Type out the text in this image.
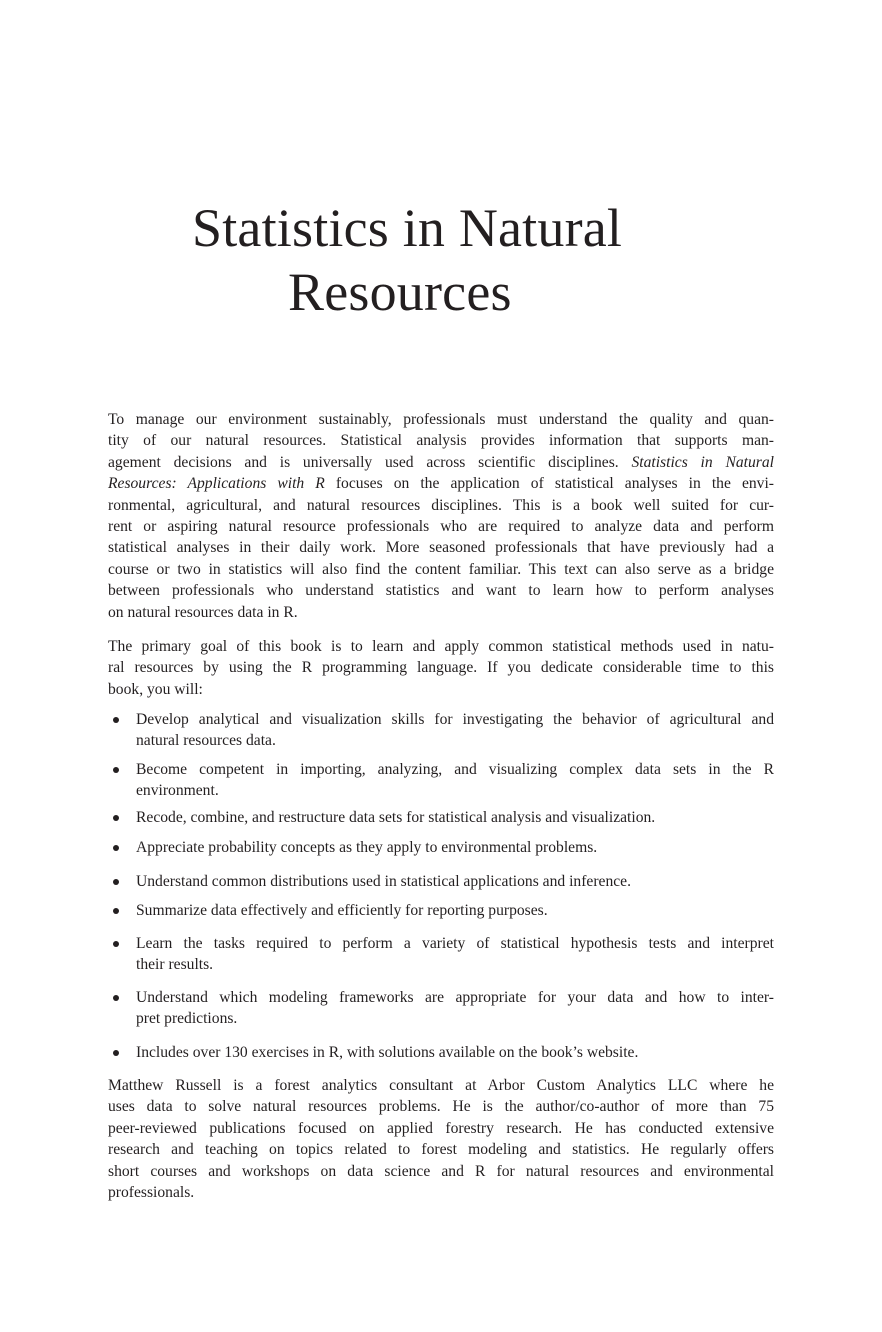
Statistics in Natural
Resources
To manage our environment sustainably, professionals must understand the quality and quan-
tity of our natural resources. Statistical analysis provides information that supports man-
agement decisions and is universally used across scientific disciplines. Statistics in Natural
Resources: Applications with R focuses on the application of statistical analyses in the envi-
ronmental, agricultural, and natural resources disciplines. This is a book well suited for cur-
rent or aspiring natural resource professionals who are required to analyze data and perform
statistical analyses in their daily work. More seasoned professionals that have previously had a
course or two in statistics will also find the content familiar. This text can also serve as a bridge
between professionals who understand statistics and want to learn how to perform analyses
on natural resources data in R.
The primary goal of this book is to learn and apply common statistical methods used in natu-
ral resources by using the R programming language. If you dedicate considerable time to this
book, you will:
Develop analytical and visualization skills for investigating the behavior of agricultural and
natural resources data.
Become competent in importing, analyzing, and visualizing complex data sets in the R
environment.
Recode, combine, and restructure data sets for statistical analysis and visualization.
Appreciate probability concepts as they apply to environmental problems.
Understand common distributions used in statistical applications and inference.
Summarize data effectively and efficiently for reporting purposes.
Learn the tasks required to perform a variety of statistical hypothesis tests and interpret
their results.
Understand which modeling frameworks are appropriate for your data and how to inter-
pret predictions.
Includes over 130 exercises in R, with solutions available on the book’s website.
Matthew Russell is a forest analytics consultant at Arbor Custom Analytics LLC where he
uses data to solve natural resources problems. He is the author/co-author of more than 75
peer-reviewed publications focused on applied forestry research. He has conducted extensive
research and teaching on topics related to forest modeling and statistics. He regularly offers
short courses and workshops on data science and R for natural resources and environmental
professionals.
